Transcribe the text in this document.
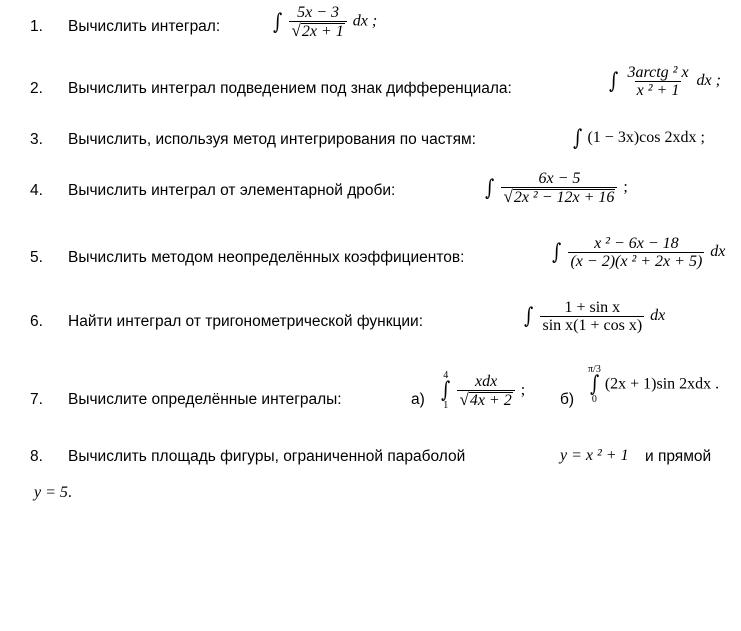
1. Вычислить интеграл: ∫ $\frac{5x - 3}{√ 2x + 1}$ dx ;
2. Вычислить интеграл подведением под знак дифференциала:	∫ $\frac{\text{3arctg ² x}}{\text{x ² + 1}}$ dx ;
3. Вычислить, используя метод интегрирования по частям:	∫ (1 − 3x)cos 2xdx ;
4. Вычислить интеграл от элементарной дроби:	∫ $\frac{6x - 5}{\text{√ 2x ² − 12x + 16}}$ ;
5. Вычислить методом неопределённых коэффициентов:	∫ $\frac{\text{x ² − 6x − 18}}{\text{(x − 2)(x ² + 2x + 5)}}$ dx
6. Найти интеграл от тригонометрической функции:	∫ $\frac{\text{1 + sin x}}{\text{sin x(1 + cos x)}}$ dx
7. Вычислите определённые интегралы:	а)
4
∫
1
$\frac{\text{xdx}}{√ 4x + 2}$ ;
б)
π/3
∫
0
(2x + 1)sin 2xdx .
8. Вычислить площадь фигуры, ограниченной параболой	y = x ² + 1 и прямой
y = 5.
